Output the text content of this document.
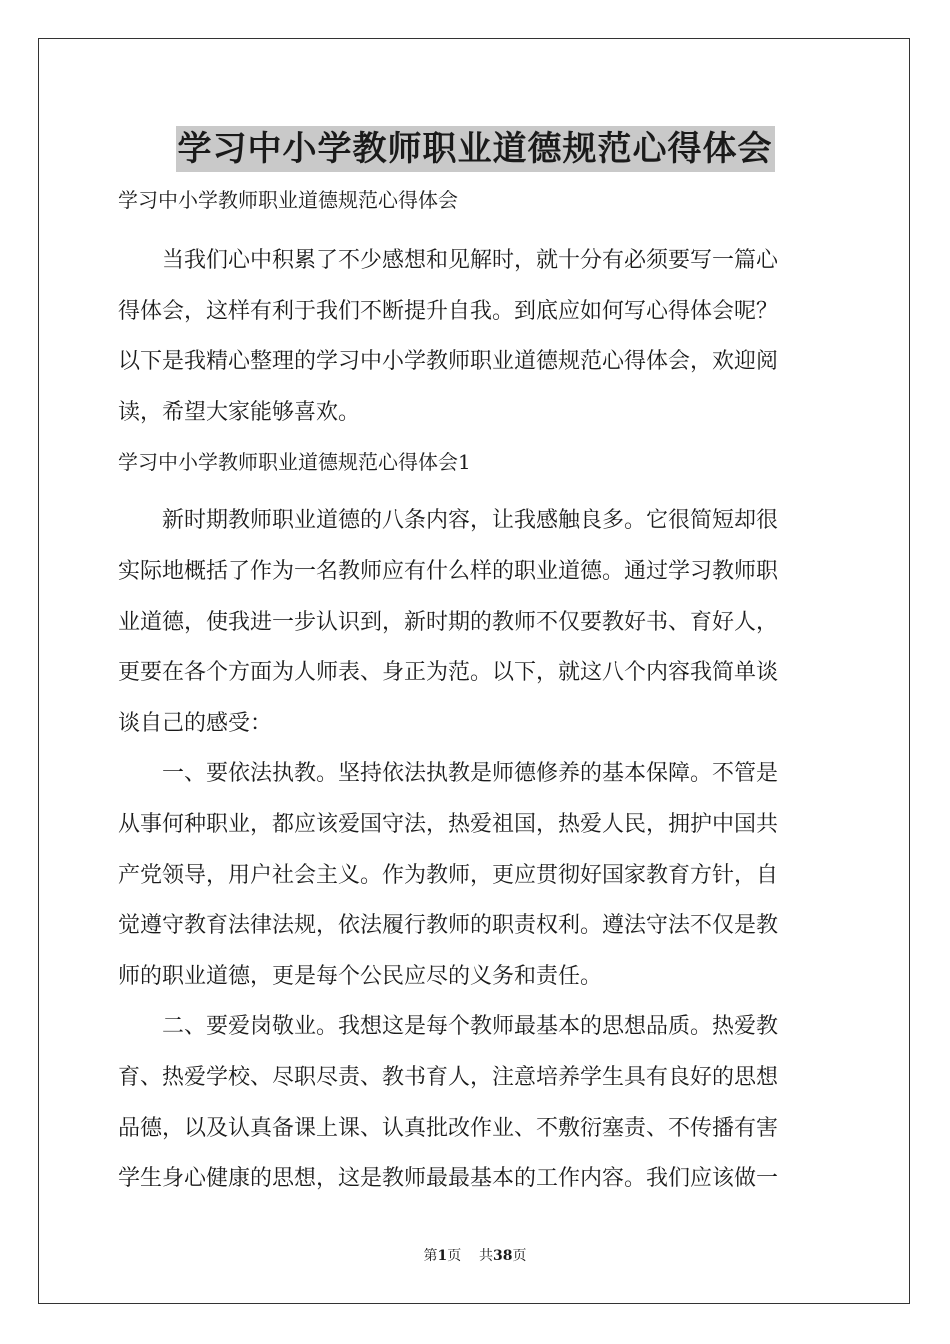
学习中小学教师职业道德规范心得体会

学习中小学教师职业道德规范心得体会

当我们心中积累了不少感想和见解时，就十分有必须要写一篇心

得体会，这样有利于我们不断提升自我。到底应如何写心得体会呢？

以下是我精心整理的学习中小学教师职业道德规范心得体会，欢迎阅

读，希望大家能够喜欢。

学习中小学教师职业道德规范心得体会1

新时期教师职业道德的八条内容，让我感触良多。它很简短却很

实际地概括了作为一名教师应有什么样的职业道德。通过学习教师职

业道德，使我进一步认识到，新时期的教师不仅要教好书、育好人，

更要在各个方面为人师表、身正为范。以下，就这八个内容我简单谈

谈自己的感受：

一、要依法执教。坚持依法执教是师德修养的基本保障。不管是

从事何种职业，都应该爱国守法，热爱祖国，热爱人民，拥护中国共

产党领导，用户社会主义。作为教师，更应贯彻好国家教育方针，自

觉遵守教育法律法规，依法履行教师的职责权利。遵法守法不仅是教

师的职业道德，更是每个公民应尽的义务和责任。

二、要爱岗敬业。我想这是每个教师最基本的思想品质。热爱教

育、热爱学校、尽职尽责、教书育人，注意培养学生具有良好的思想

品德，以及认真备课上课、认真批改作业、不敷衍塞责、不传播有害

学生身心健康的思想，这是教师最最基本的工作内容。我们应该做一

第1页 共38页
